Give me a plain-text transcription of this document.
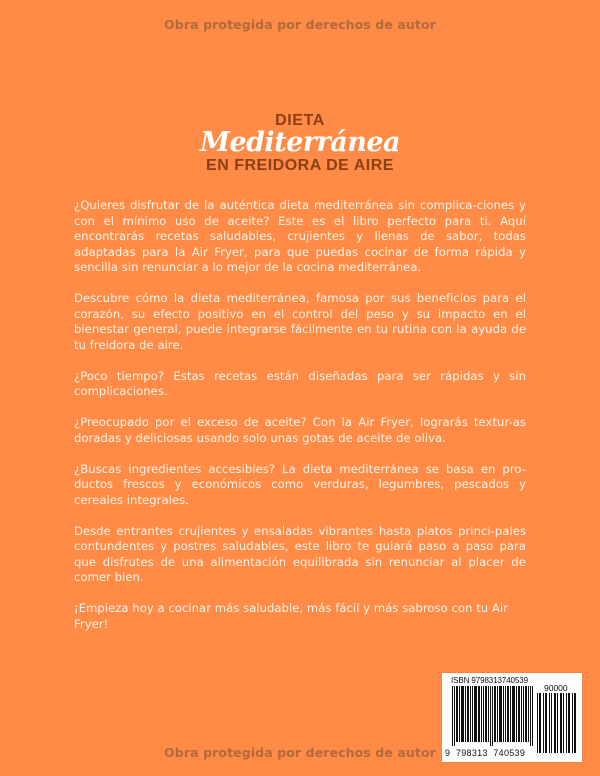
Obra protegida por derechos de autor
DIETA
Mediterránea
EN FREIDORA DE AIRE

¿Quieres disfrutar de la auténtica dieta mediterránea sin complica-ciones y con el mínimo uso de aceite? Este es el libro perfecto para ti. Aquí encontrarás recetas saludables, crujientes y llenas de sabor, todas adaptadas para la Air Fryer, para que puedas cocinar de forma rápida y sencilla sin renunciar a lo mejor de la cocina mediterránea.

Descubre cómo la dieta mediterránea, famosa por sus beneficios para el corazón, su efecto positivo en el control del peso y su impacto en el bienestar general, puede integrarse fácilmente en tu rutina con la ayuda de tu freidora de aire.

¿Poco tiempo? Estas recetas están diseñadas para ser rápidas y sin complicaciones.

¿Preocupado por el exceso de aceite? Con la Air Fryer, lograrás textur-as doradas y deliciosas usando solo unas gotas de aceite de oliva.

¿Buscas ingredientes accesibles? La dieta mediterránea se basa en pro-ductos frescos y económicos como verduras, legumbres, pescados y cereales integrales.

Desde entrantes crujientes y ensaladas vibrantes hasta platos princi-pales contundentes y postres saludables, este libro te guiará paso a paso para que disfrutes de una alimentación equilibrada sin renunciar al placer de comer bien.

¡Empieza hoy a cocinar más saludable, más fácil y más sabroso con tu Air Fryer!

ISBN 9798313740539
90000
9  798313  740539
Obra protegida por derechos de autor
